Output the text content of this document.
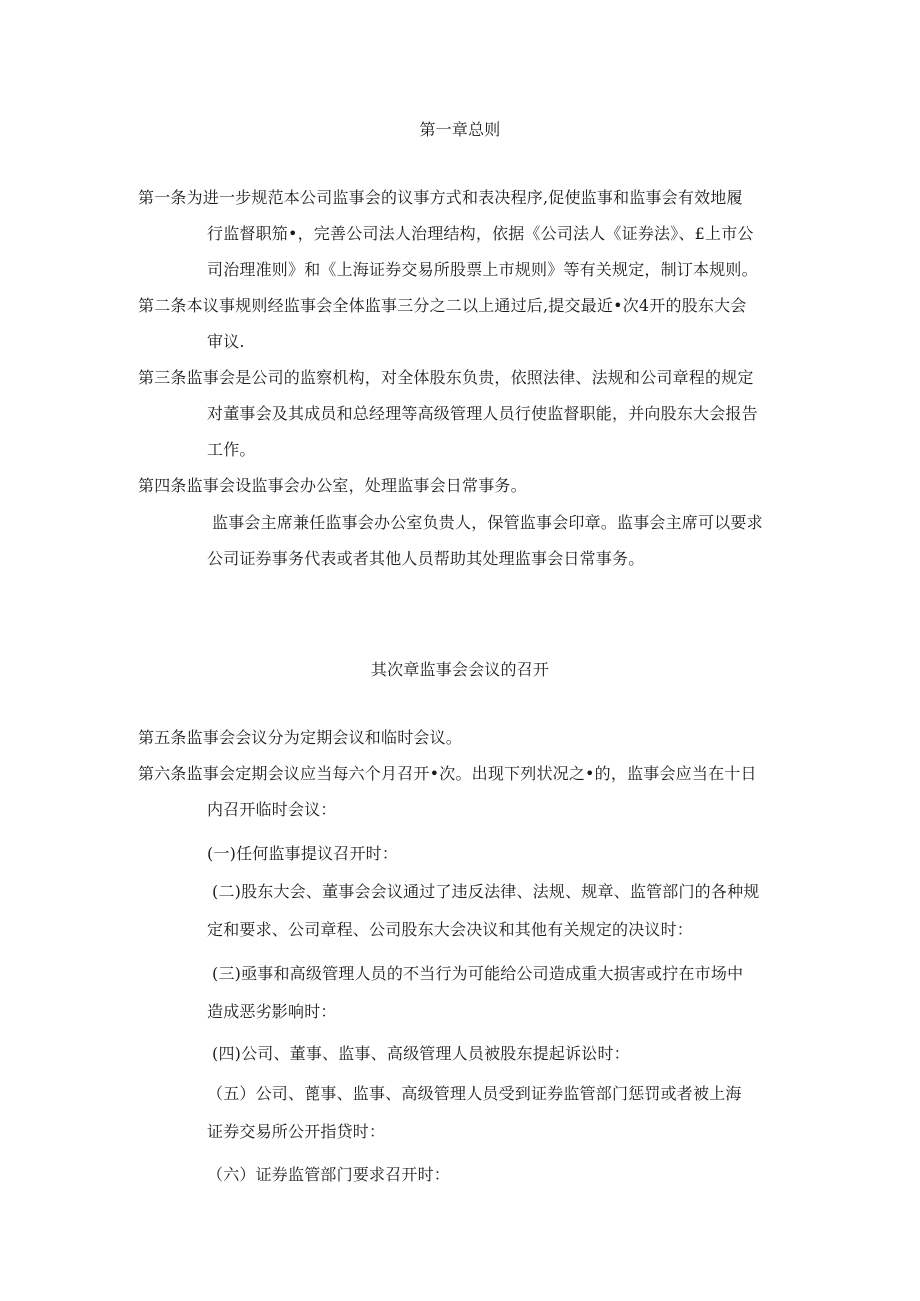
第一章总则
第一条为进一步规范本公司监事会的议事方式和表决程序,促使监事和监事会有效地履
行监督职笳•，完善公司法人治理结构，依据《公司法人《证券法》、£上市公
司治理准则》和《上海证券交易所股票上市规则》等有关规定，制订本规则。
第二条本议事规则经监事会全体监事三分之二以上通过后,提交最近•次4开的股东大会
审议.
第三条监事会是公司的监察机构，对全体股东负贵，依照法律、法规和公司章程的规定
对董事会及其成员和总经理等高级管理人员行使监督职能，并向股东大会报告
工作。
第四条监事会设监事会办公室，处理监事会日常事务。
监事会主席兼任监事会办公室负贵人，保管监事会印章。监事会主席可以要求
公司证券事务代表或者其他人员帮助其处理监事会日常事务。
其次章监事会会议的召开
第五条监事会会议分为定期会议和临时会议。
第六条监事会定期会议应当每六个月召开•次。出现下列状况之•的，监事会应当在十日
内召开临时会议：
(一)任何监事提议召开时：
(二)股东大会、董事会会议通过了违反法律、法规、规章、监管部门的各种规
定和要求、公司章程、公司股东大会决议和其他有关规定的决议时：
(三)亟事和高级管理人员的不当行为可能给公司造成重大损害或拧在市场中
造成恶劣影响时：
(四)公司、董事、监事、高级管理人员被股东提起诉讼时：
（五）公司、蓖事、监事、高级管理人员受到证券监管部门惩罚或者被上海
证券交易所公开指贷时：
（六）证券监管部门要求召开时：
